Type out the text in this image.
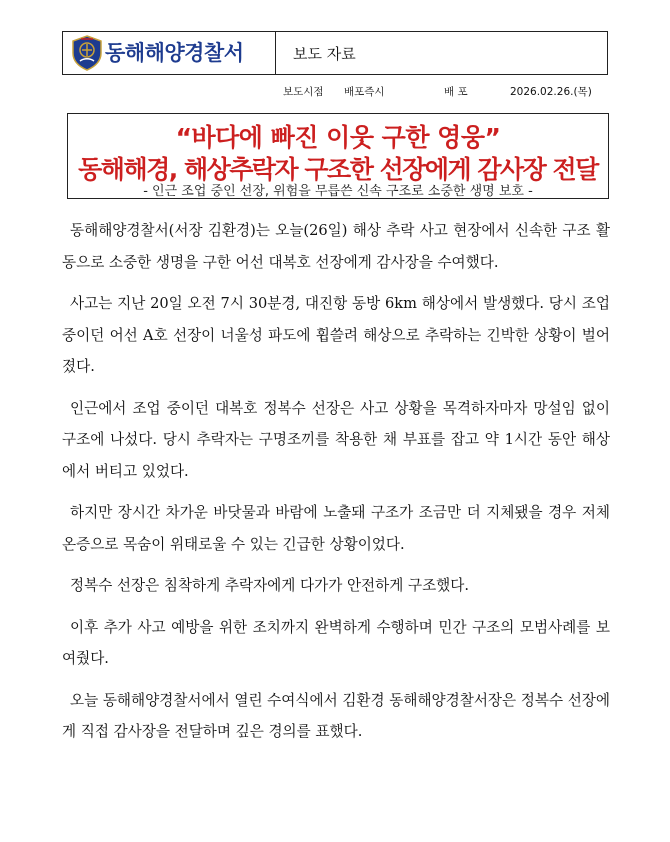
동해해양경찰서	보도 자료
보도시점 배포즉시	배 포	2026.02.26.(목)
“바다에 빠진 이웃 구한 영웅”
동해해경, 해상추락자 구조한 선장에게 감사장 전달
- 인근 조업 중인 선장, 위험을 무릅쓴 신속 구조로 소중한 생명 보호 -

동해해양경찰서(서장 김환경)는 오늘(26일) 해상 추락 사고 현장에서 신속한 구조 활동으로 소중한 생명을 구한 어선 대복호 선장에게 감사장을 수여했다.

사고는 지난 20일 오전 7시 30분경, 대진항 동방 6km 해상에서 발생했다. 당시 조업 중이던 어선 A호 선장이 너울성 파도에 휩쓸려 해상으로 추락하는 긴박한 상황이 벌어졌다.

인근에서 조업 중이던 대복호 정복수 선장은 사고 상황을 목격하자마자 망설임 없이 구조에 나섰다. 당시 추락자는 구명조끼를 착용한 채 부표를 잡고 약 1시간 동안 해상에서 버티고 있었다.

하지만 장시간 차가운 바닷물과 바람에 노출돼 구조가 조금만 더 지체됐을 경우 저체온증으로 목숨이 위태로울 수 있는 긴급한 상황이었다.

정복수 선장은 침착하게 추락자에게 다가가 안전하게 구조했다.

이후 추가 사고 예방을 위한 조치까지 완벽하게 수행하며 민간 구조의 모범사례를 보여줬다.

오늘 동해해양경찰서에서 열린 수여식에서 김환경 동해해양경찰서장은 정복수 선장에게 직접 감사장을 전달하며 깊은 경의를 표했다.
